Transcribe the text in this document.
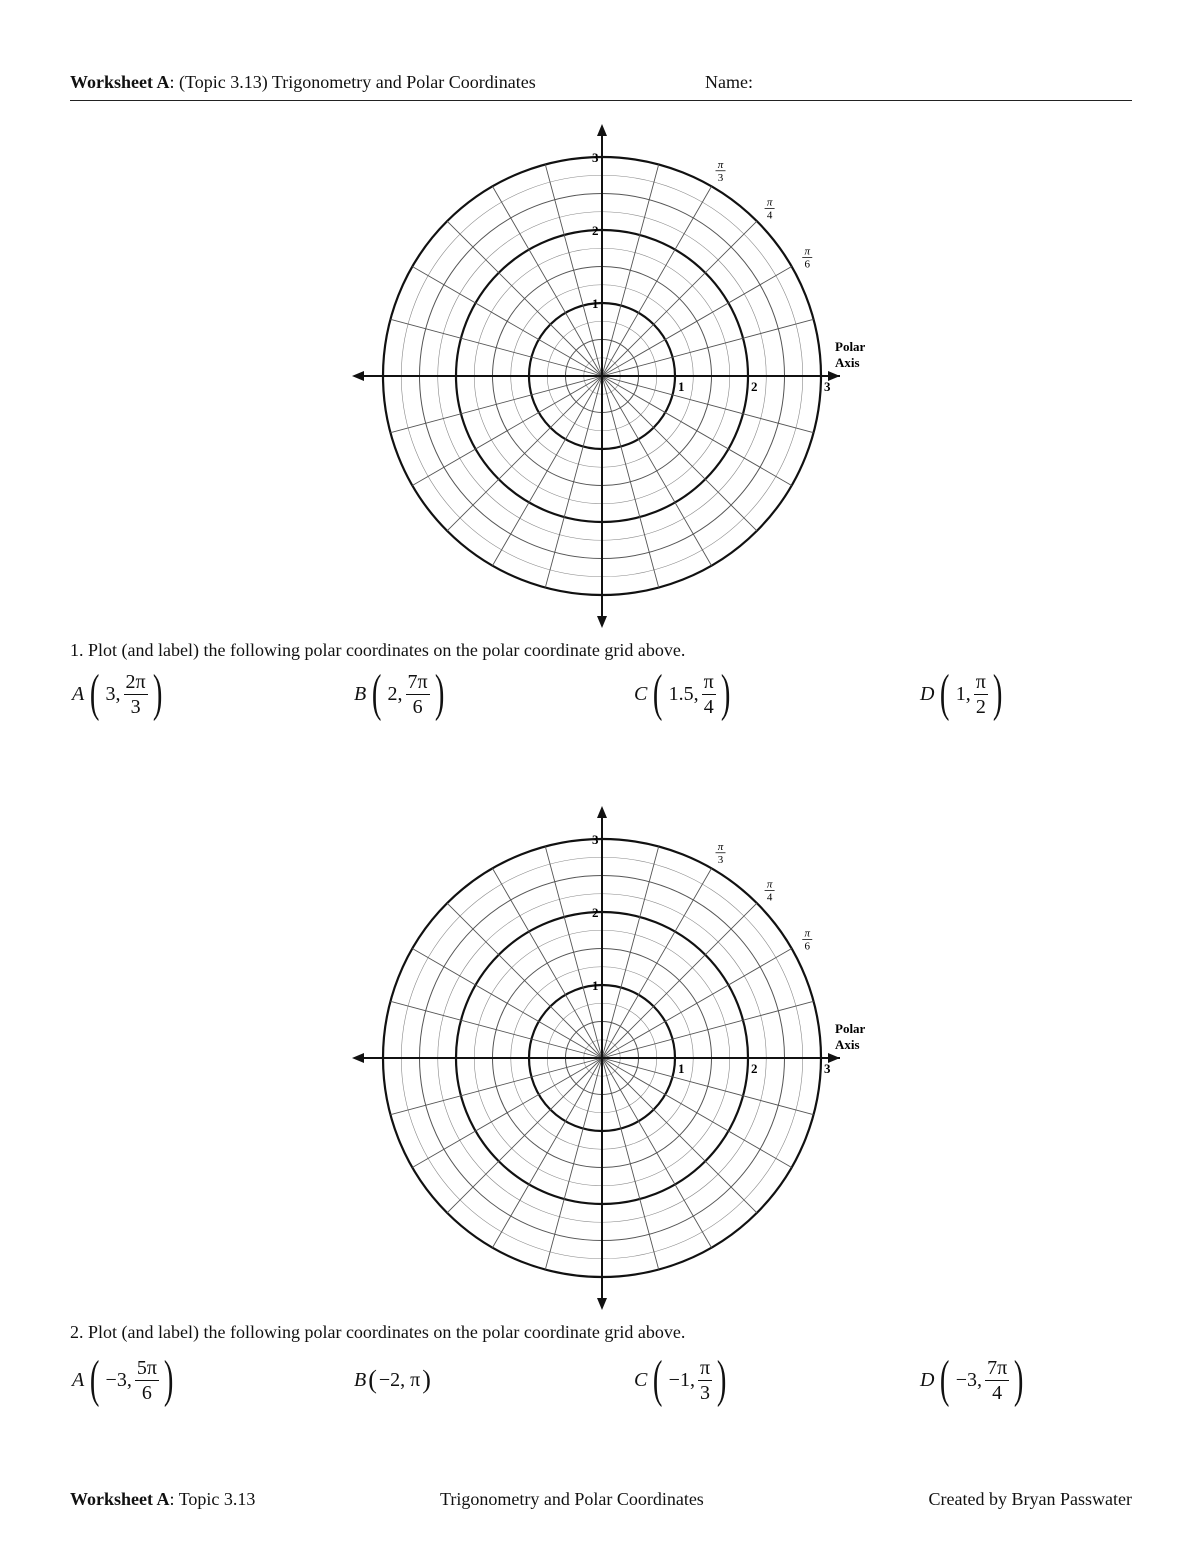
Worksheet A: (Topic 3.13) Trigonometry and Polar Coordinates	Name:
1
1
2
2
3
3	π
3
π
4
π
6
Polar
Axis
1. Plot (and label) the following polar coordinates on the polar coordinate grid above.
A ( 3, $\frac{2\pi}{3}$ )	B ( 2, $\frac{7\pi}{6}$ )	C ( 1.5, $\frac{\pi}{4}$ )	D ( 1, $\frac{\pi}{2}$ )
1
1
2
2
3
3	π
3
π
4
π
6
Polar
Axis
2. Plot (and label) the following polar coordinates on the polar coordinate grid above.
A ( −3, $\frac{5\pi}{6}$ )	B ( −2, π )	C ( −1, $\frac{\pi}{3}$ )	D ( −3, $\frac{7\pi}{4}$ )
Worksheet A: Topic 3.13	Trigonometry and Polar Coordinates	Created by Bryan Passwater
